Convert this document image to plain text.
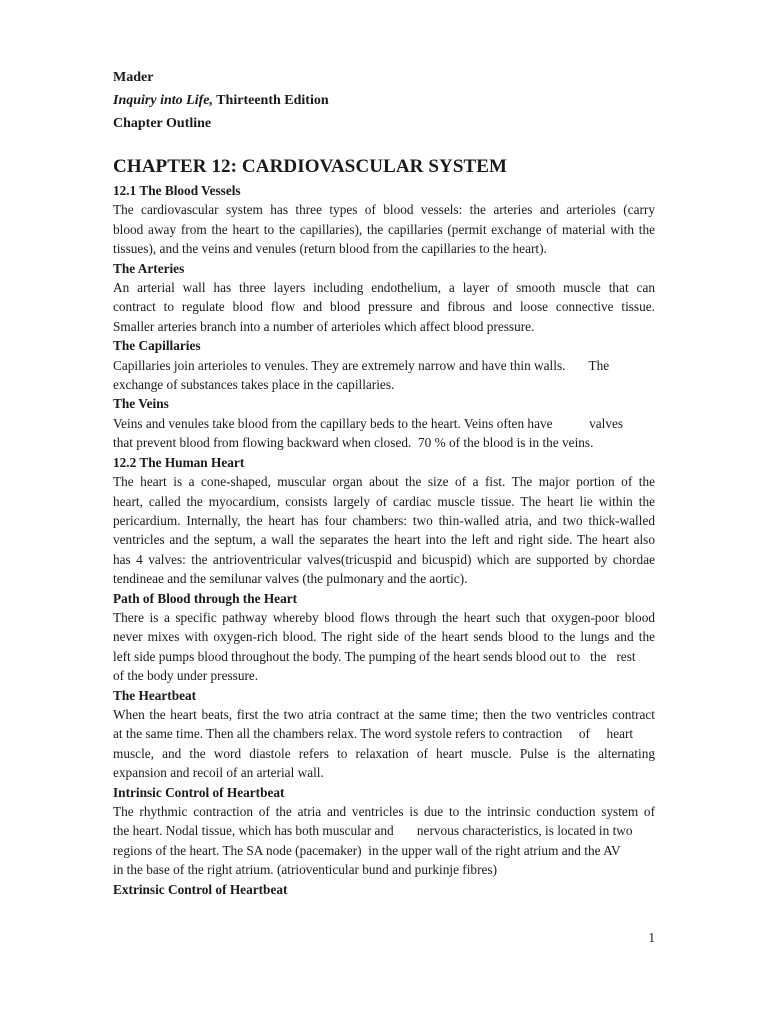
Mader
Inquiry into Life, Thirteenth Edition
Chapter Outline
CHAPTER 12: CARDIOVASCULAR SYSTEM

12.1 The Blood Vessels

The cardiovascular system has three types of blood vessels: the arteries and arterioles (carry
blood away from the heart to the capillaries), the capillaries (permit exchange of material with the
tissues), and the veins and venules (return blood from the capillaries to the heart).

The Arteries

An arterial wall has three layers including endothelium, a layer of smooth muscle that can
contract to regulate blood flow and blood pressure and fibrous and loose connective tissue.
Smaller arteries branch into a number of arterioles which affect blood pressure.

The Capillaries

Capillaries join arterioles to venules. They are extremely narrow and have thin walls.       The
exchange of substances takes place in the capillaries.

The Veins

Veins and venules take blood from the capillary beds to the heart. Veins often have           valves
that prevent blood from flowing backward when closed.  70 % of the blood is in the veins.

12.2 The Human Heart

The heart is a cone-shaped, muscular organ about the size of a fist. The major portion of the
heart, called the myocardium, consists largely of cardiac muscle tissue. The heart lie within the
pericardium. Internally, the heart has four chambers: two thin-walled atria, and two thick-walled
ventricles and the septum, a wall the separates the heart into the left and right side. The heart also
has 4 valves: the antrioventricular valves(tricuspid and bicuspid) which are supported by chordae
tendineae and the semilunar valves (the pulmonary and the aortic).

Path of Blood through the Heart

There is a specific pathway whereby blood flows through the heart such that oxygen-poor blood
never mixes with oxygen-rich blood. The right side of the heart sends blood to the lungs and the
left side pumps blood throughout the body. The pumping of the heart sends blood out to   the   rest
of the body under pressure.

The Heartbeat

When the heart beats, first the two atria contract at the same time; then the two ventricles contract
at the same time. Then all the chambers relax. The word systole refers to contraction     of     heart
muscle, and the word diastole refers to relaxation of heart muscle. Pulse is the alternating
expansion and recoil of an arterial wall.

Intrinsic Control of Heartbeat

The rhythmic contraction of the atria and ventricles is due to the intrinsic conduction system of
the heart. Nodal tissue, which has both muscular and       nervous characteristics, is located in two
regions of the heart. The SA node (pacemaker)  in the upper wall of the right atrium and the AV
in the base of the right atrium. (atrioventicular bund and purkinje fibres)

Extrinsic Control of Heartbeat

1
